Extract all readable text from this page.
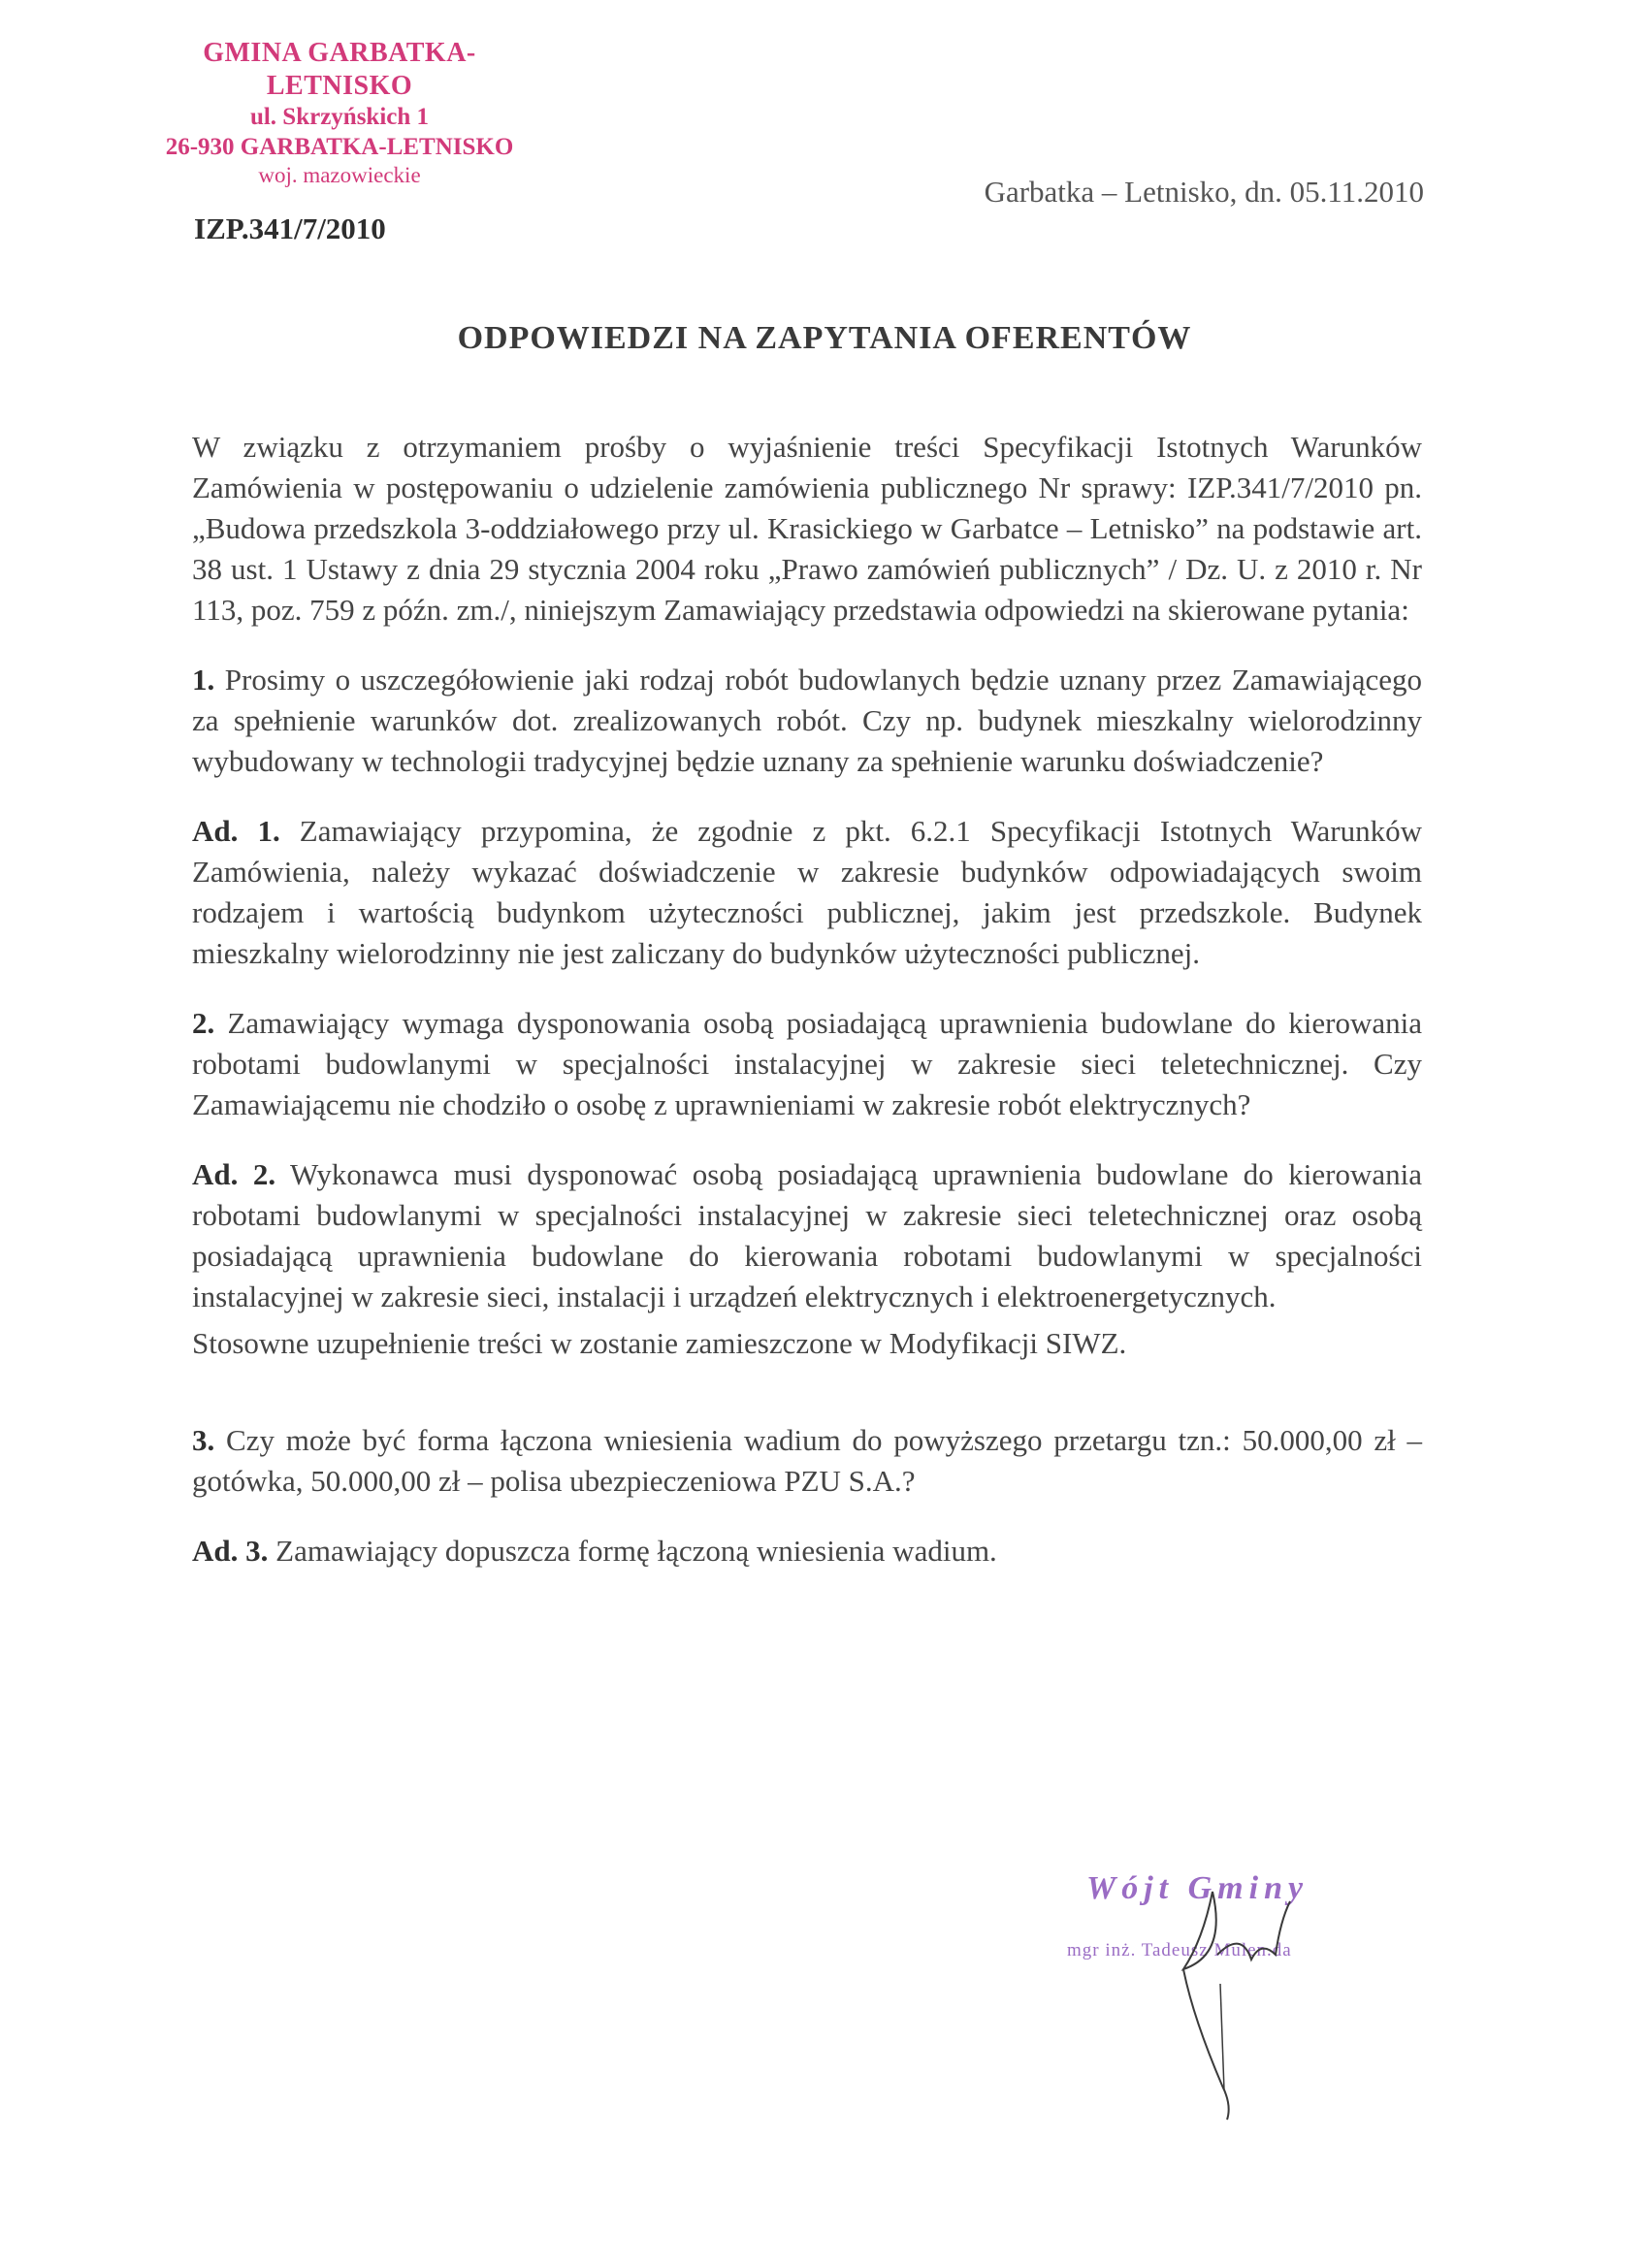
GMINA GARBATKA-LETNISKO
ul. Skrzyńskich 1
26-930 GARBATKA-LETNISKO
woj. mazowieckie	Garbatka – Letnisko, dn. 05.11.2010
IZP.341/7/2010
ODPOWIEDZI NA ZAPYTANIA OFERENTÓW

W związku z otrzymaniem prośby o wyjaśnienie treści Specyfikacji Istotnych Warunków Zamówienia w postępowaniu o udzielenie zamówienia publicznego Nr sprawy: IZP.341/7/2010 pn. „Budowa przedszkola 3-oddziałowego przy ul. Krasickiego w Garbatce – Letnisko” na podstawie art. 38 ust. 1 Ustawy z dnia 29 stycznia 2004 roku „Prawo zamówień publicznych” / Dz. U. z 2010 r. Nr 113, poz. 759 z późn. zm./, niniejszym Zamawiający przedstawia odpowiedzi na skierowane pytania:

1. Prosimy o uszczegółowienie jaki rodzaj robót budowlanych będzie uznany przez Zamawiającego za spełnienie warunków dot. zrealizowanych robót. Czy np. budynek mieszkalny wielorodzinny wybudowany w technologii tradycyjnej będzie uznany za spełnienie warunku doświadczenie?

Ad. 1. Zamawiający przypomina, że zgodnie z pkt. 6.2.1 Specyfikacji Istotnych Warunków Zamówienia, należy wykazać doświadczenie w zakresie budynków odpowiadających swoim rodzajem i wartością budynkom użyteczności publicznej, jakim jest przedszkole. Budynek mieszkalny wielorodzinny nie jest zaliczany do budynków użyteczności publicznej.

2. Zamawiający wymaga dysponowania osobą posiadającą uprawnienia budowlane do kierowania robotami budowlanymi w specjalności instalacyjnej w zakresie sieci teletechnicznej. Czy Zamawiającemu nie chodziło o osobę z uprawnieniami w zakresie robót elektrycznych?

Ad. 2. Wykonawca musi dysponować osobą posiadającą uprawnienia budowlane do kierowania robotami budowlanymi w specjalności instalacyjnej w zakresie sieci teletechnicznej oraz osobą posiadającą uprawnienia budowlane do kierowania robotami budowlanymi w specjalności instalacyjnej w zakresie sieci, instalacji i urządzeń elektrycznych i elektroenergetycznych.

Stosowne uzupełnienie treści w zostanie zamieszczone w Modyfikacji SIWZ.

3. Czy może być forma łączona wniesienia wadium do powyższego przetargu tzn.: 50.000,00 zł – gotówka, 50.000,00 zł – polisa ubezpieczeniowa PZU S.A.?

Ad. 3. Zamawiający dopuszcza formę łączoną wniesienia wadium.

Wójt Gminy
mgr inż. Tadeusz Mulen.da
